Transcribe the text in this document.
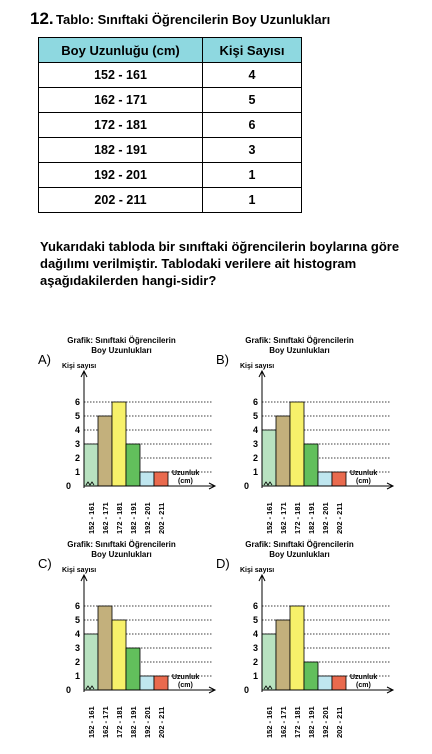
12. Tablo: Sınıftaki Öğrencilerin Boy Uzunlukları
Boy Uzunluğu (cm)	Kişi Sayısı
152 - 161	4
162 - 171	5
172 - 181	6
182 - 191	3
192 - 201	1
202 - 211	1
Yukarıdaki tabloda bir sınıftaki öğrencilerin boylarına göre dağılımı verilmiştir. Tablodaki verilere ait histogram aşağıdakilerden hangi-sidir?
A)
Grafik: Sınıftaki Öğrencilerin Boy Uzunlukları
Kişi sayısı
0
1
2
3
4
5
6
152 - 161 162 - 171 172 - 181 182 - 191 192 - 201 202 - 211
Uzunluk
(cm)
B)
Grafik: Sınıftaki Öğrencilerin Boy Uzunlukları
Kişi sayısı
0
1
2
3
4
5
6
152 - 161 162 - 171 172 - 181 182 - 191 192 - 201 202 - 211
Uzunluk
(cm)
C)
Grafik: Sınıftaki Öğrencilerin Boy Uzunlukları
Kişi sayısı
0
1
2
3
4
5
6
152 - 161 162 - 171 172 - 181 182 - 191 192 - 201 202 - 211
Uzunluk
(cm)
D)
Grafik: Sınıftaki Öğrencilerin Boy Uzunlukları
Kişi sayısı
0
1
2
3
4
5
6
152 - 161 162 - 171 172 - 181 182 - 191 192 - 201 202 - 211
Uzunluk
(cm)
